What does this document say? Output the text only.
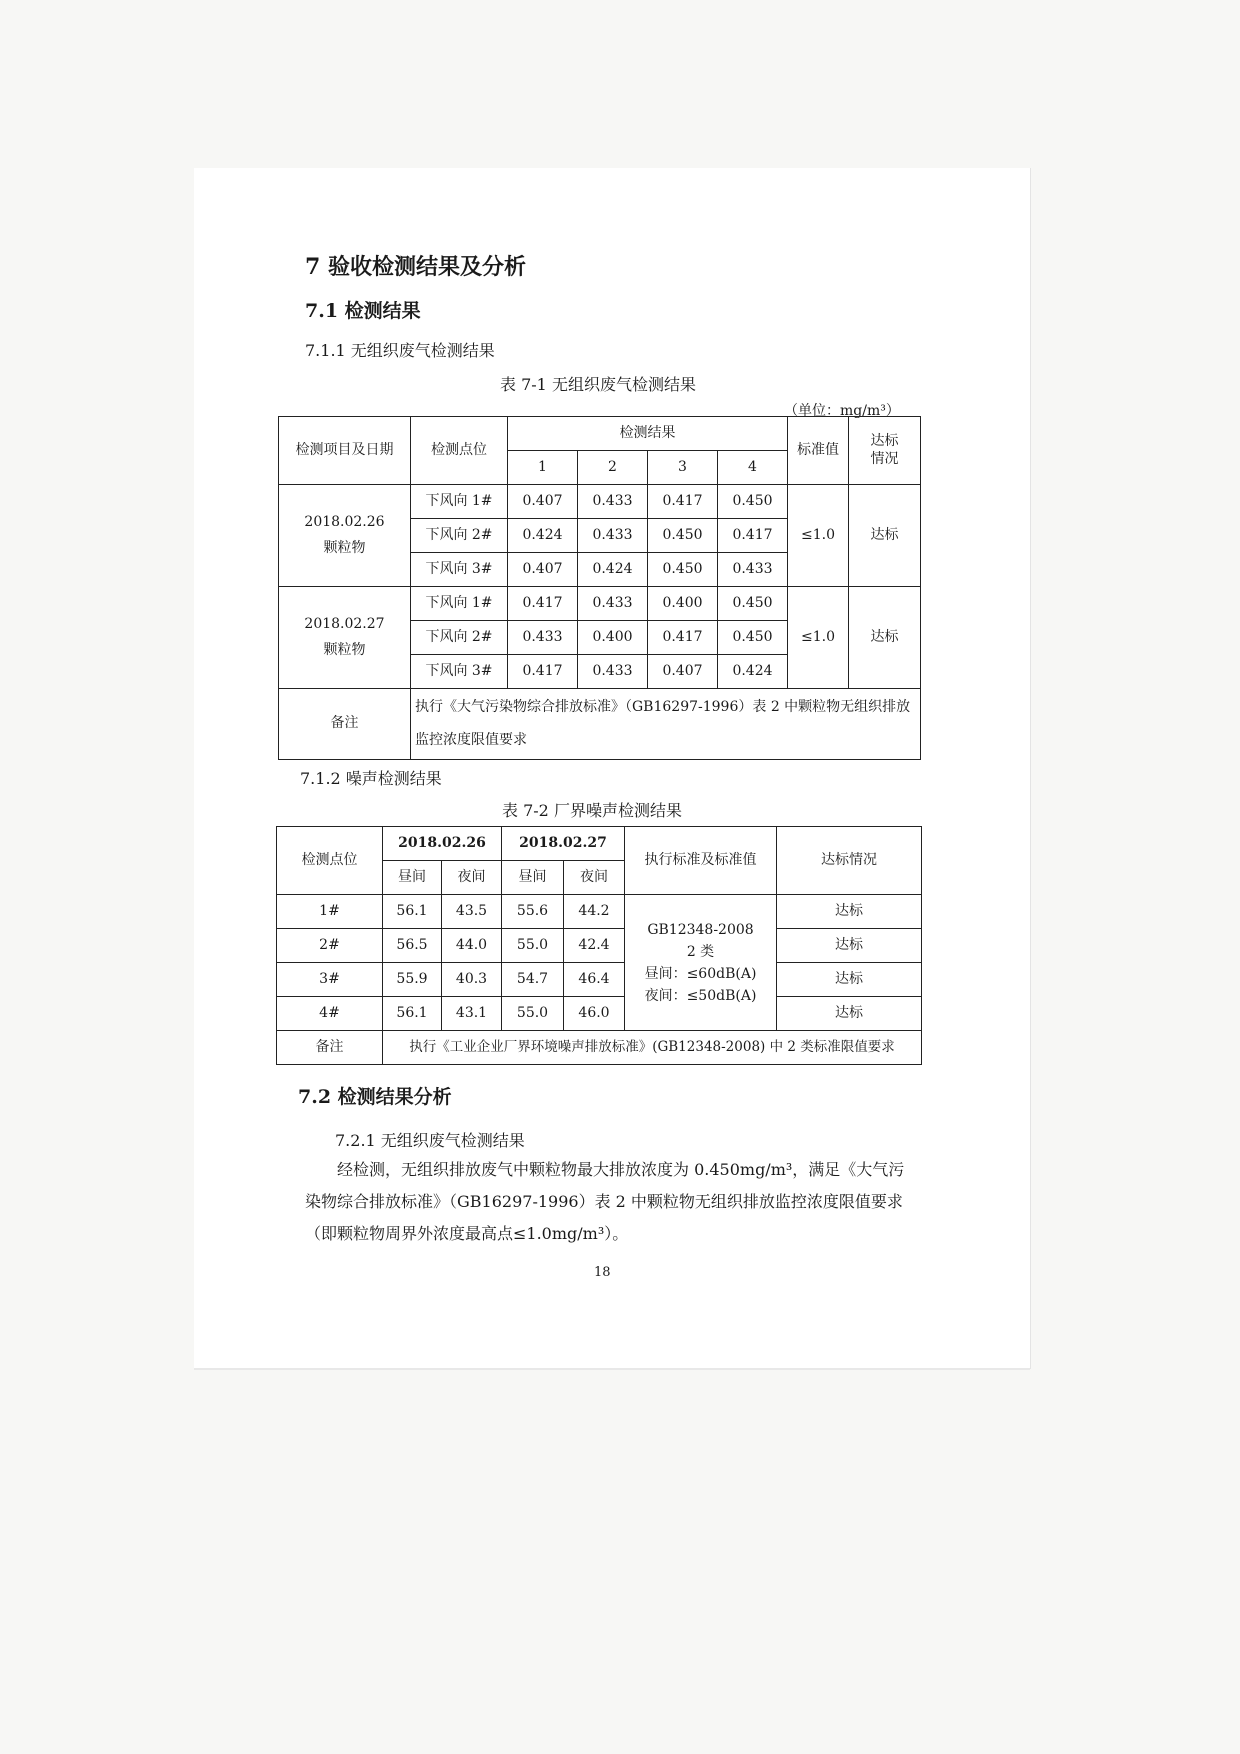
7 验收检测结果及分析
7.1 检测结果
7.1.1 无组织废气检测结果
表 7-1 无组织废气检测结果
（单位：mg/m³）
检测项目及日期	检测点位	检测结果				标准值	达标
情况

		1	2	3	4		

2018.02.26
颗粒物	下风向 1#	0.407	0.433	0.417	0.450	≤1.0	达标
	下风向 2#	0.424	0.433	0.450	0.417		
	下风向 3#	0.407	0.424	0.450	0.433		

2018.02.27
颗粒物	下风向 1#	0.417	0.433	0.400	0.450	≤1.0	达标
	下风向 2#	0.433	0.400	0.417	0.450		
	下风向 3#	0.417	0.433	0.407	0.424		
备注	执行《大气污染物综合排放标准》（GB16297-1996）表 2 中颗粒物无组织排放监控浓度限值要求						
7.1.2 噪声检测结果
表 7-2 厂界噪声检测结果
检测点位	2018.02.26		2018.02.27		执行标准及标准值	达标情况
	昼间	夜间	昼间	夜间		
1#	56.1	43.5	55.6	44.2	GB12348-2008
2 类
昼间：≤60dB(A)
夜间：≤50dB(A)	达标
2#	56.5	44.0	55.0	42.4		达标
3#	55.9	40.3	54.7	46.4		达标
4#	56.1	43.1	55.0	46.0		达标
备注	执行《工业企业厂界环境噪声排放标准》(GB12348-2008) 中 2 类标准限值要求					
7.2 检测结果分析
7.2.1 无组织废气检测结果
经检测，无组织排放废气中颗粒物最大排放浓度为 0.450mg/m³，满足《大气污染物综合排放标准》（GB16297-1996）表 2 中颗粒物无组织排放监控浓度限值要求（即颗粒物周界外浓度最高点≤1.0mg/m³）。
18
